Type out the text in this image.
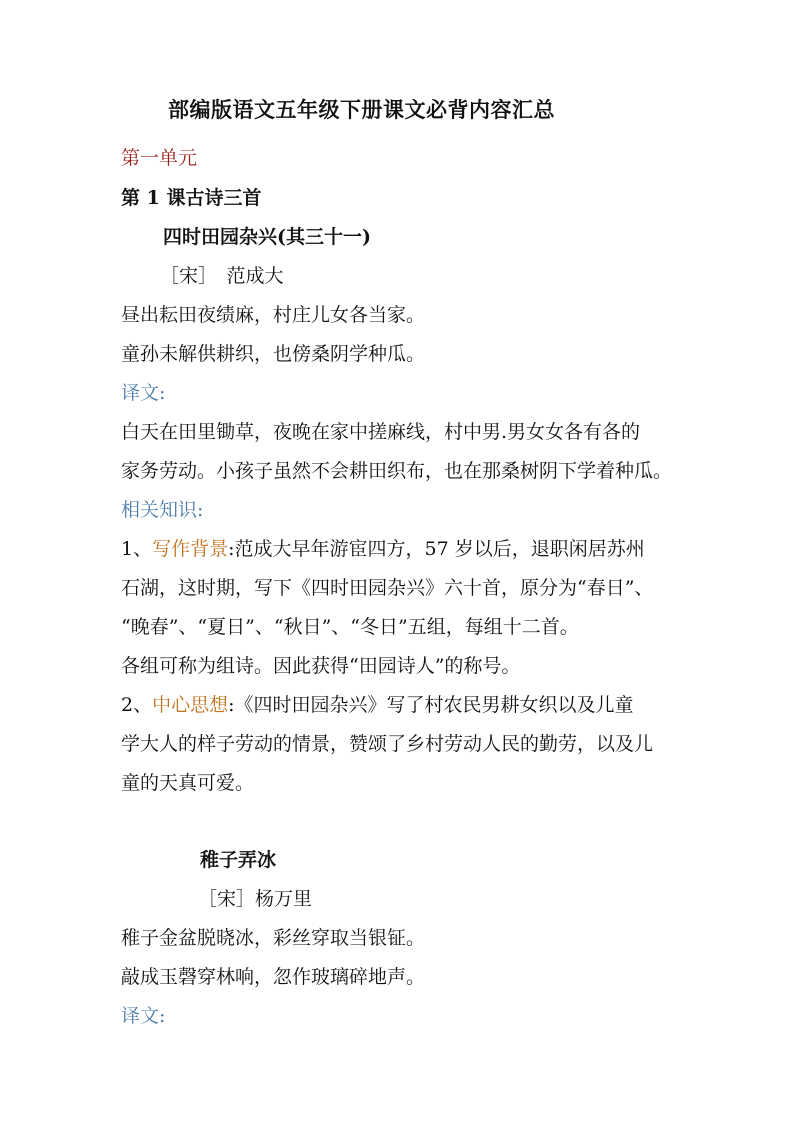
部编版语文五年级下册课文必背内容汇总

第一单元

第 1 课古诗三首

四时田园杂兴(其三十一)

［宋］　范成大

昼出耘田夜绩麻，村庄儿女各当家。

童孙未解供耕织，也傍桑阴学种瓜。

译文:

白天在田里锄草，夜晚在家中搓麻线，村中男.男女女各有各的

家务劳动。小孩子虽然不会耕田织布，也在那桑树阴下学着种瓜。

相关知识:

1、写作背景:范成大早年游宦四方，57 岁以后，退职闲居苏州

石湖，这时期，写下《四时田园杂兴》六十首，原分为“春日”、

“晚春”、“夏日”、“秋日”、“冬日”五组，每组十二首。

各组可称为组诗。因此获得“田园诗人”的称号。

2、中心思想:《四时田园杂兴》写了村农民男耕女织以及儿童

学大人的样子劳动的情景，赞颂了乡村劳动人民的勤劳，以及儿

童的天真可爱。

稚子弄冰

［宋］杨万里

稚子金盆脱晓冰，彩丝穿取当银钲。

敲成玉磬穿林响，忽作玻璃碎地声。

译文:
